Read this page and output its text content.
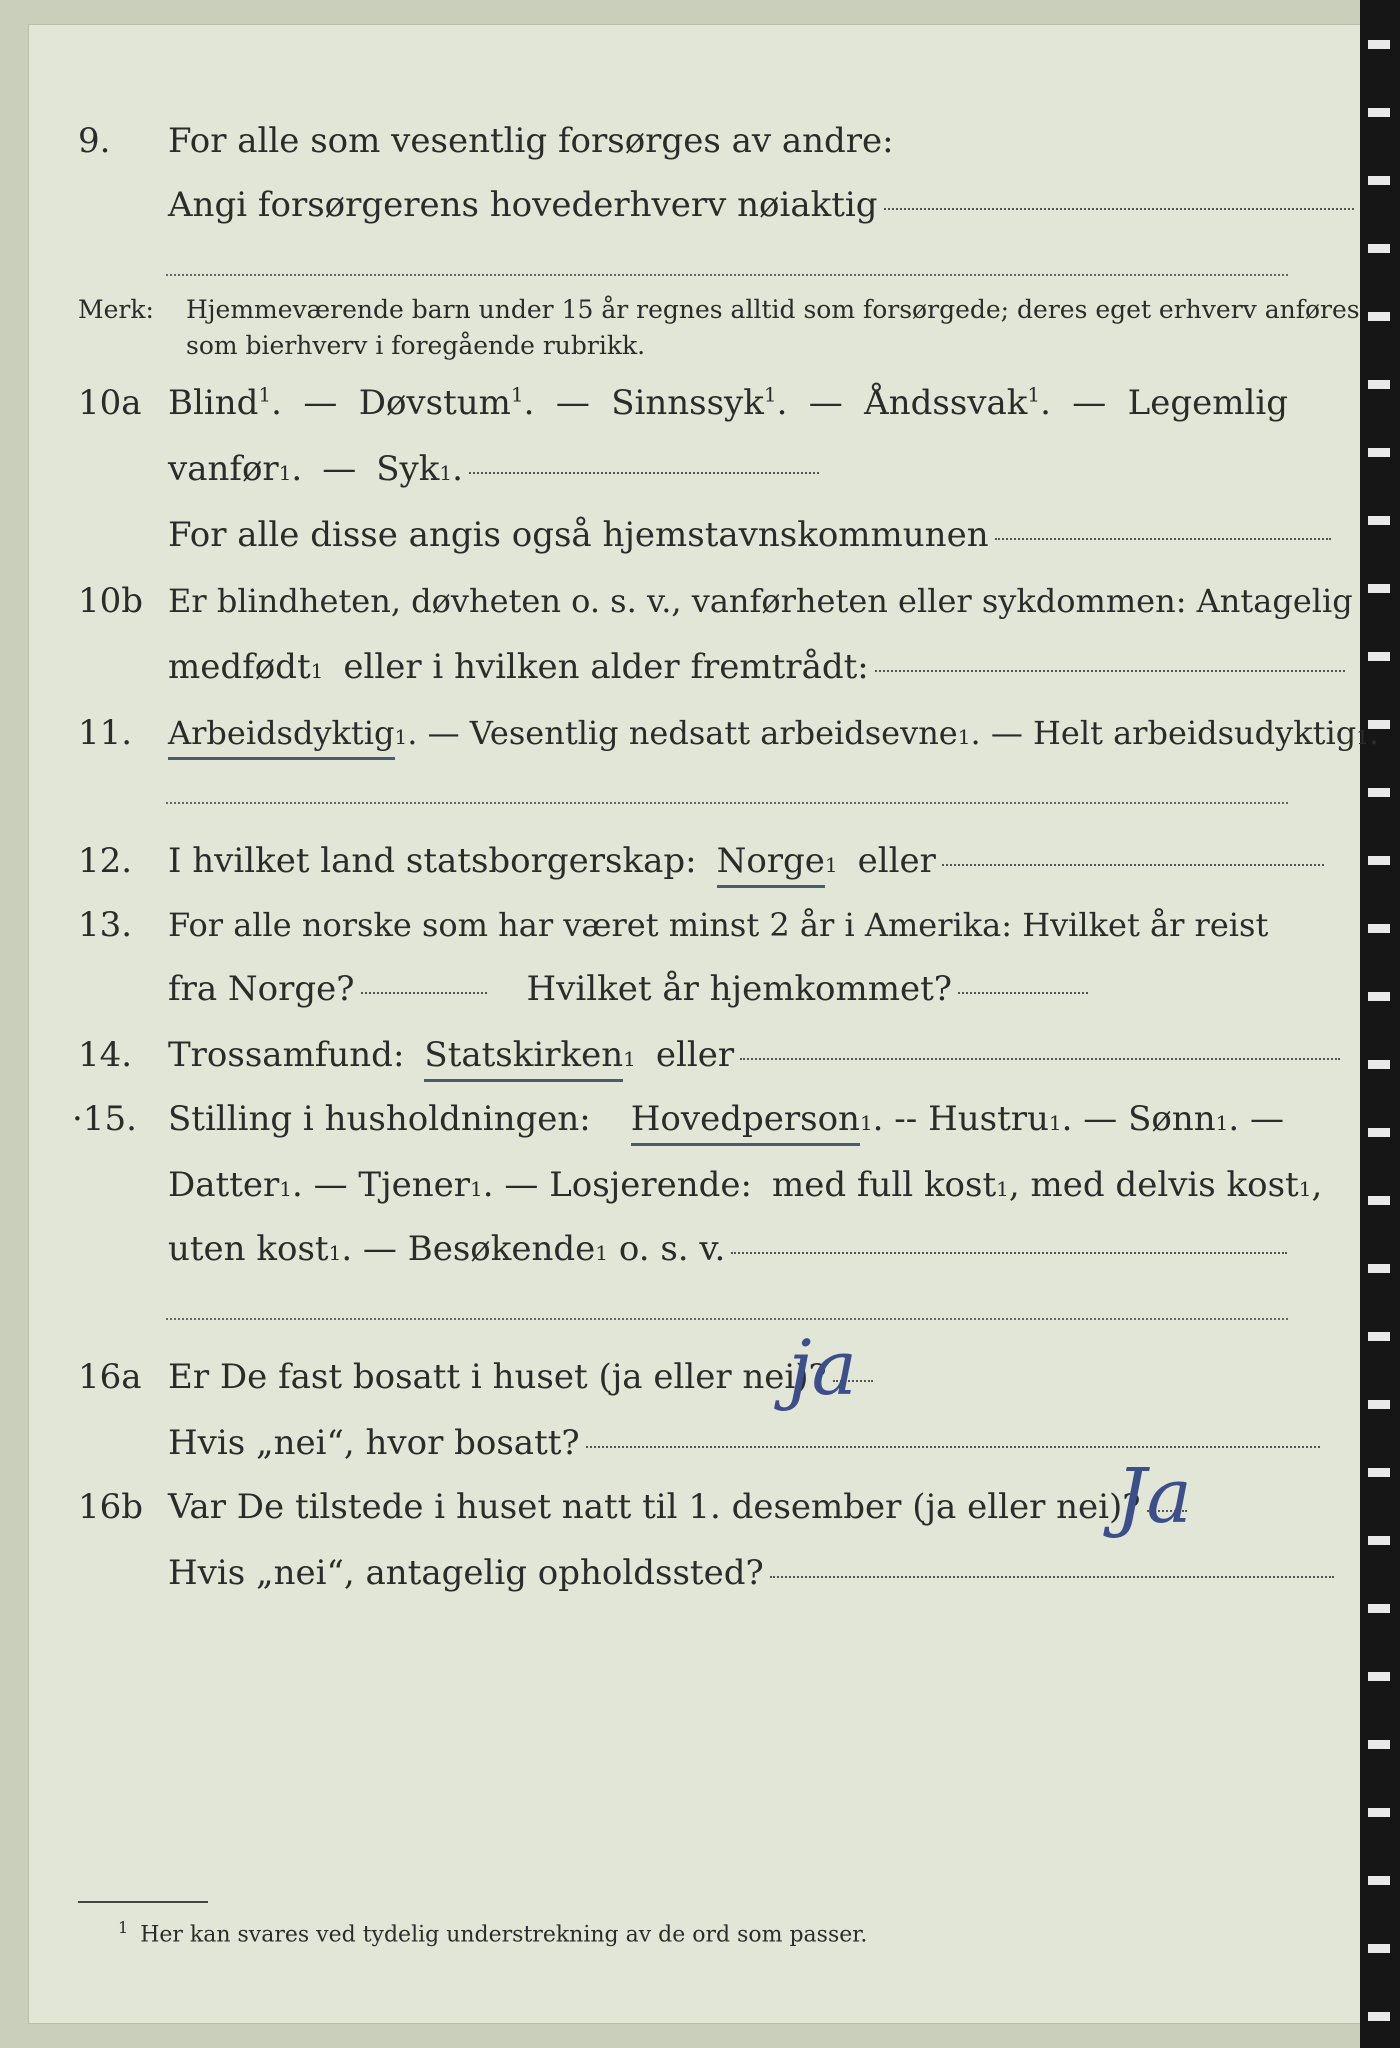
9. For alle som vesentlig forsørges av andre:
Angi forsørgerens hovederhverv nøiaktig
Merk: Hjemmeværende barn under 15 år regnes alltid som forsørgede; deres eget erhverv anføres som bierhverv i foregående rubrikk.
10a Blind$^1$. — Døvstum$^1$. — Sinnssyk$^1$. — Åndssvak$^1$. — Legemlig
vanfør 1 . — Syk 1 .
For alle disse angis også hjemstavnskommunen
10b Er blindheten, døvheten o. s. v., vanførheten eller sykdommen: Antagelig
medfødt 1 eller i hvilken alder fremtrådt:
11. Arbeidsdyktig 1 . — Vesentlig nedsatt arbeidsevne 1 . — Helt arbeidsudyktig 1 .
12. I hvilket land statsborgerskap: Norge 1 eller
13. For alle norske som har været minst 2 år i Amerika: Hvilket år reist
fra Norge?	Hvilket år hjemkommet?
14. Trossamfund: Statskirken 1 eller
·15. Stilling i husholdningen: Hovedperson 1 . -- Hustru 1 . — Sønn 1 . —
Datter 1 . — Tjener 1 . — Losjerende: med full kost 1 , med delvis kost 1 ,
uten kost 1 . — Besøkende 1
o. s. v.
16a Er De fast bosatt i huset (ja eller nei)?
ja
Hvis „nei“, hvor bosatt?
16b Var De tilstede i huset natt til 1. desember (ja eller nei)?
Ja
Hvis „nei“, antagelig opholdssted?
$^1$ Her kan svares ved tydelig understrekning av de ord som passer.
